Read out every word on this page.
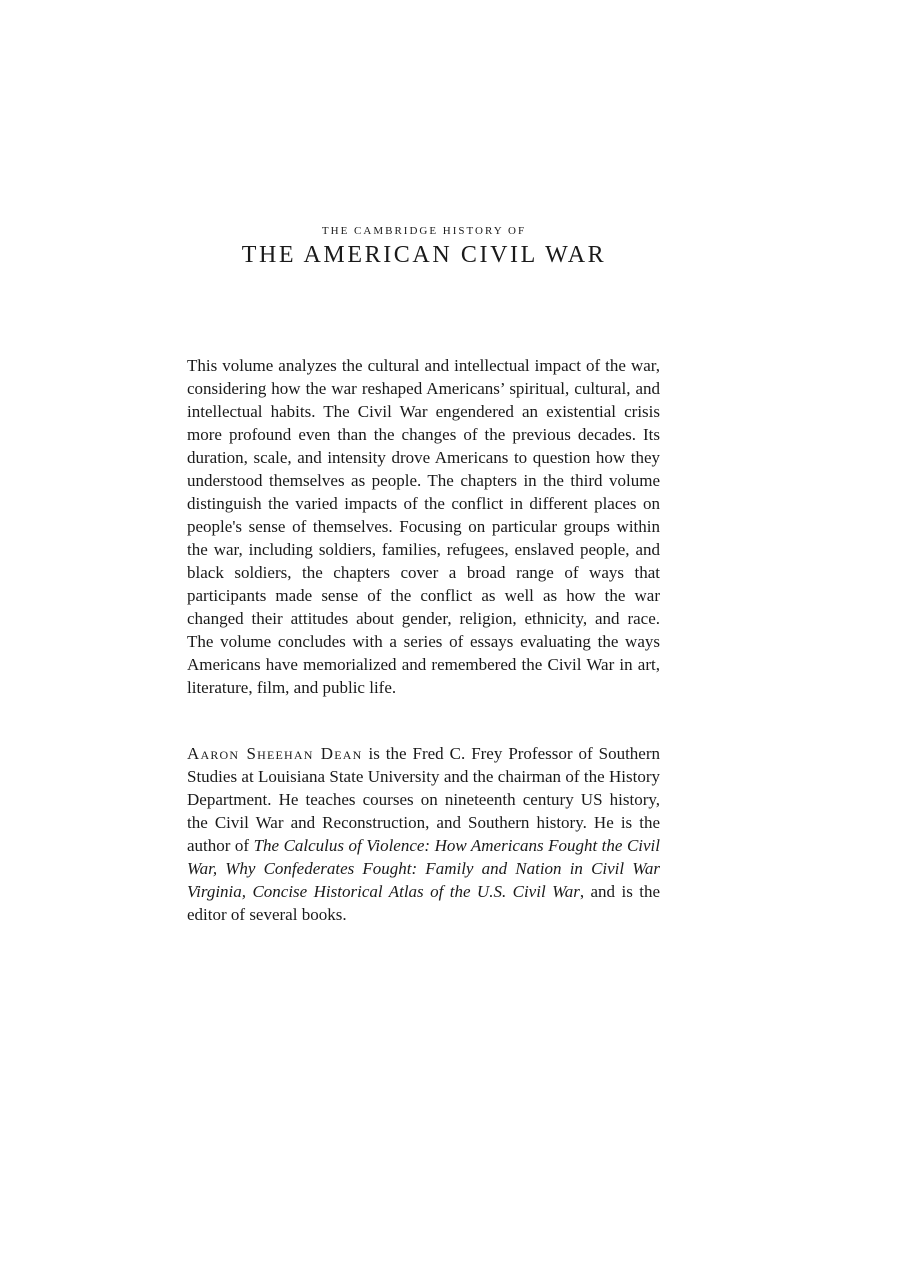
THE CAMBRIDGE HISTORY OF
THE AMERICAN CIVIL WAR

This volume analyzes the cultural and intellectual impact of the war, considering how the war reshaped Americans’ spiritual, cultural, and intellectual habits. The Civil War engendered an existential crisis more profound even than the changes of the previous decades. Its duration, scale, and intensity drove Americans to question how they understood themselves as people. The chapters in the third volume distinguish the varied impacts of the conflict in different places on people's sense of themselves. Focusing on particular groups within the war, including soldiers, families, refugees, enslaved people, and black soldiers, the chapters cover a broad range of ways that participants made sense of the conflict as well as how the war changed their attitudes about gender, religion, ethnicity, and race. The volume concludes with a series of essays evaluating the ways Americans have memorialized and remembered the Civil War in art, literature, film, and public life.

Aaron Sheehan Dean is the Fred C. Frey Professor of Southern Studies at Louisiana State University and the chairman of the History Department. He teaches courses on nineteenth century US history, the Civil War and Reconstruction, and Southern history. He is the author of The Calculus of Violence: How Americans Fought the Civil War, Why Confederates Fought: Family and Nation in Civil War Virginia, Concise Historical Atlas of the U.S. Civil War, and is the editor of several books.
